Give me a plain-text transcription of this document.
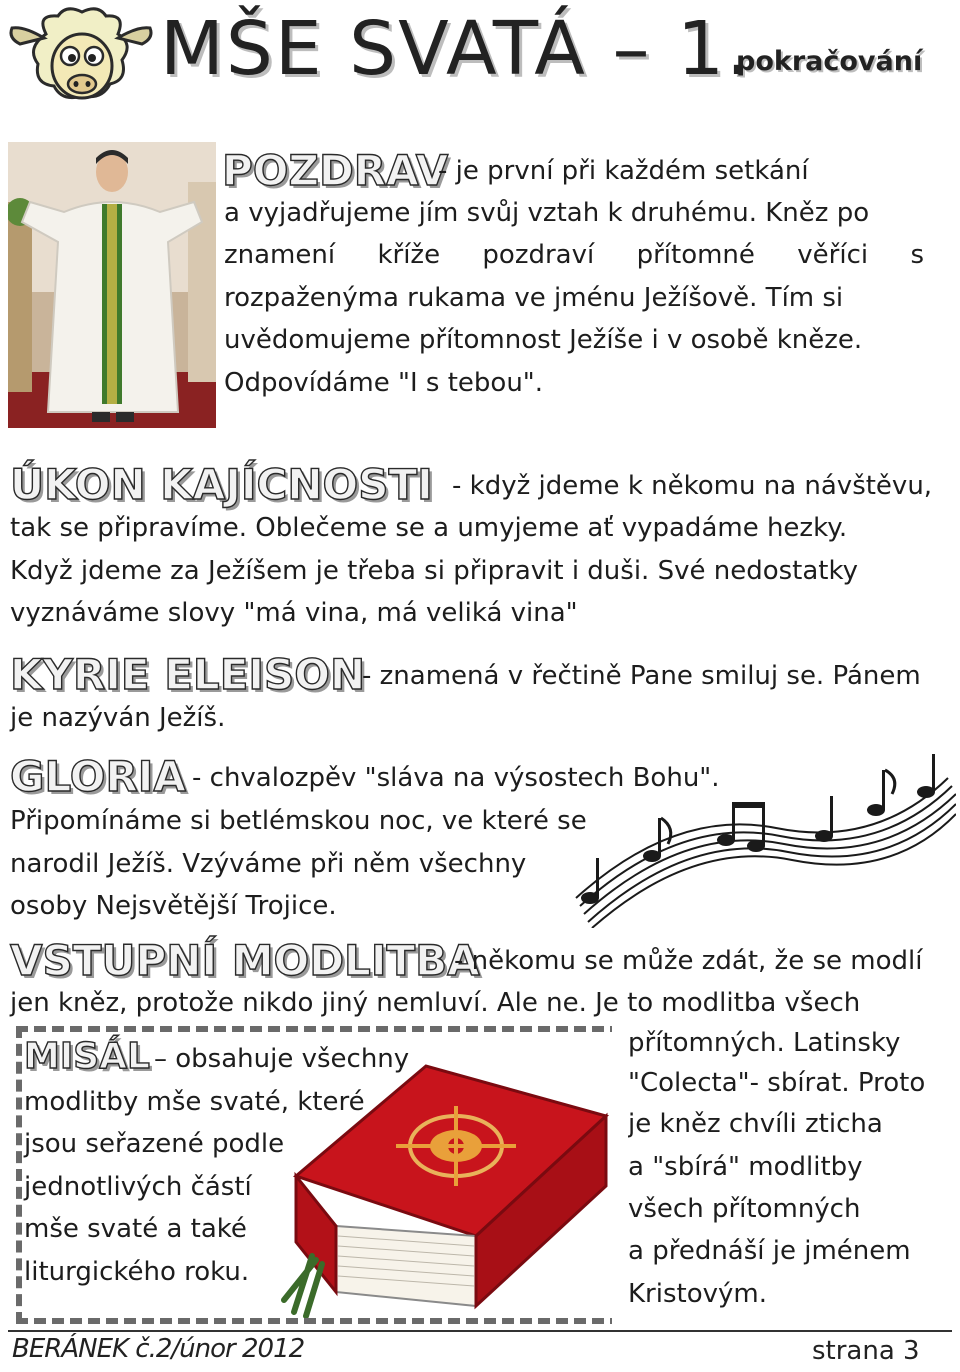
MŠE SVATÁ – 1.
pokračování
POZDRAV
- je první při každém setkání
a vyjadřujeme jím svůj vztah k druhému. Kněz po
znamení kříže pozdraví přítomné věříci s
rozpaženýma rukama ve jménu Ježíšově. Tím si
uvědomujeme přítomnost Ježíše i v osobě kněze.
Odpovídáme "I s tebou".
ÚKON KAJÍCNOSTI - když jdeme k někomu na návštěvu,
tak se připravíme. Oblečeme se a umyjeme ať vypadáme hezky.
Když jdeme za Ježíšem je třeba si připravit i duši. Své nedostatky
vyznáváme slovy "má vina, má veliká vina"
KYRIE ELEISON
- znamená v řečtině Pane smiluj se. Pánem
je nazýván Ježíš.
GLORIA - chvalozpěv "sláva na výsostech Bohu".
Připomínáme si betlémskou noc, ve které se
narodil Ježíš. Vzýváme při něm všechny
osoby Nejsvětější Trojice.
VSTUPNÍ MODLITBA
- někomu se může zdát, že se modlí
jen kněz, protože nikdo jiný nemluví. Ale ne. Je to modlitba všech
přítomných. Latinsky
"Colecta"- sbírat. Proto
je kněz chvíli zticha
a "sbírá" modlitby
všech přítomných
a přednáší je jménem
Kristovým.
MISÁL – obsahuje všechny
modlitby mše svaté, které
jsou seřazené podle
jednotlivých částí
mše svaté a také
liturgického roku.
BERÁNEK č.2/únor 2012	strana 3
